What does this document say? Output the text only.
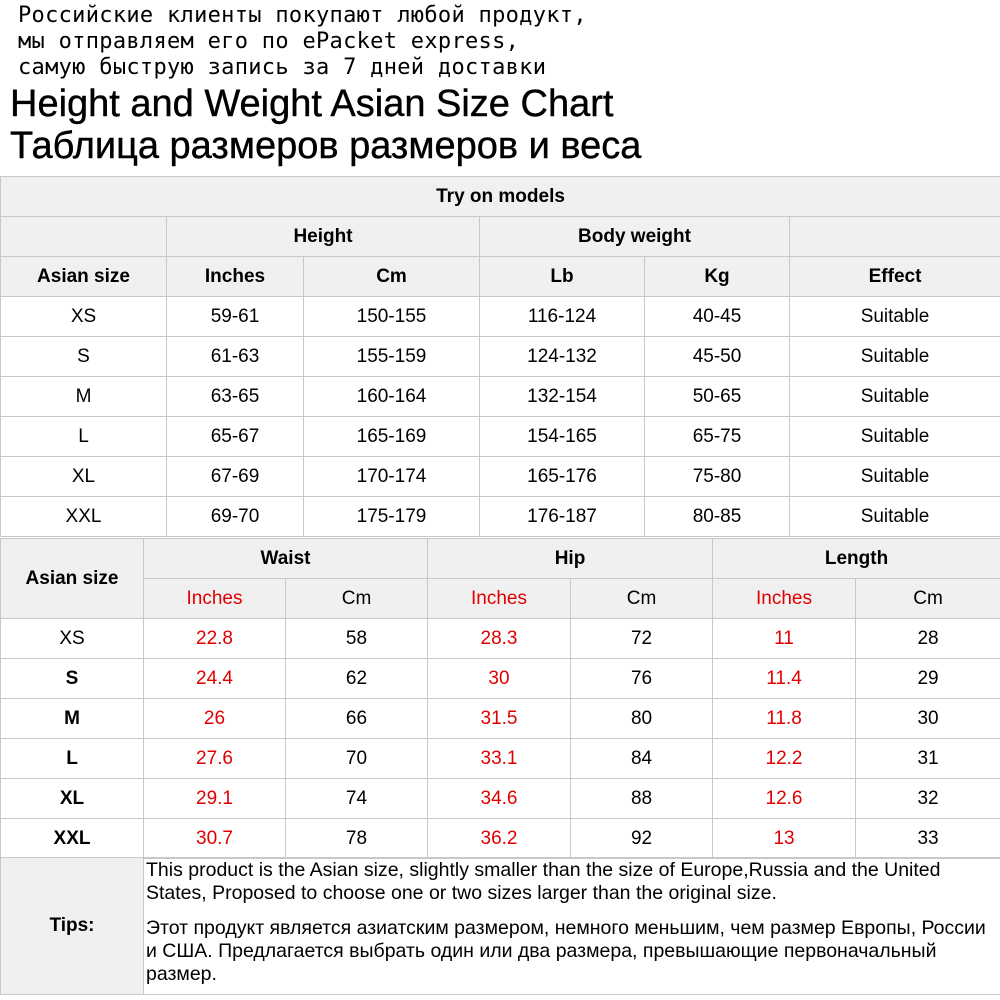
Российские клиенты покупают любой продукт,
мы отправляем его по ePacket express,
самую быструю запись за 7 дней доставки
Height and Weight Asian Size Chart
Таблица размеров размеров и веса
Try on models					
	Height		Body weight		
Asian size	Inches	Cm	Lb	Kg	Effect
XS	59-61	150-155	116-124	40-45	Suitable
S	61-63	155-159	124-132	45-50	Suitable
M	63-65	160-164	132-154	50-65	Suitable
L	65-67	165-169	154-165	65-75	Suitable
XL	67-69	170-174	165-176	75-80	Suitable
XXL	69-70	175-179	176-187	80-85	Suitable
Asian size	Waist		Hip		Length	
	Inches	Cm	Inches	Cm	Inches	Cm
XS	22.8	58	28.3	72	11	28
S	24.4	62	30	76	11.4	29
M	26	66	31.5	80	11.8	30
L	27.6	70	33.1	84	12.2	31
XL	29.1	74	34.6	88	12.6	32
XXL	30.7	78	36.2	92	13	33
Tips:	

This product is the Asian size, slightly smaller than the size of Europe,Russia and the United States, Proposed to choose one or two sizes larger than the original size.

Этот продукт является азиатским размером, немного меньшим, чем размер Европы, России и США. Предлагается выбрать один или два размера, превышающие первоначальный размер.
